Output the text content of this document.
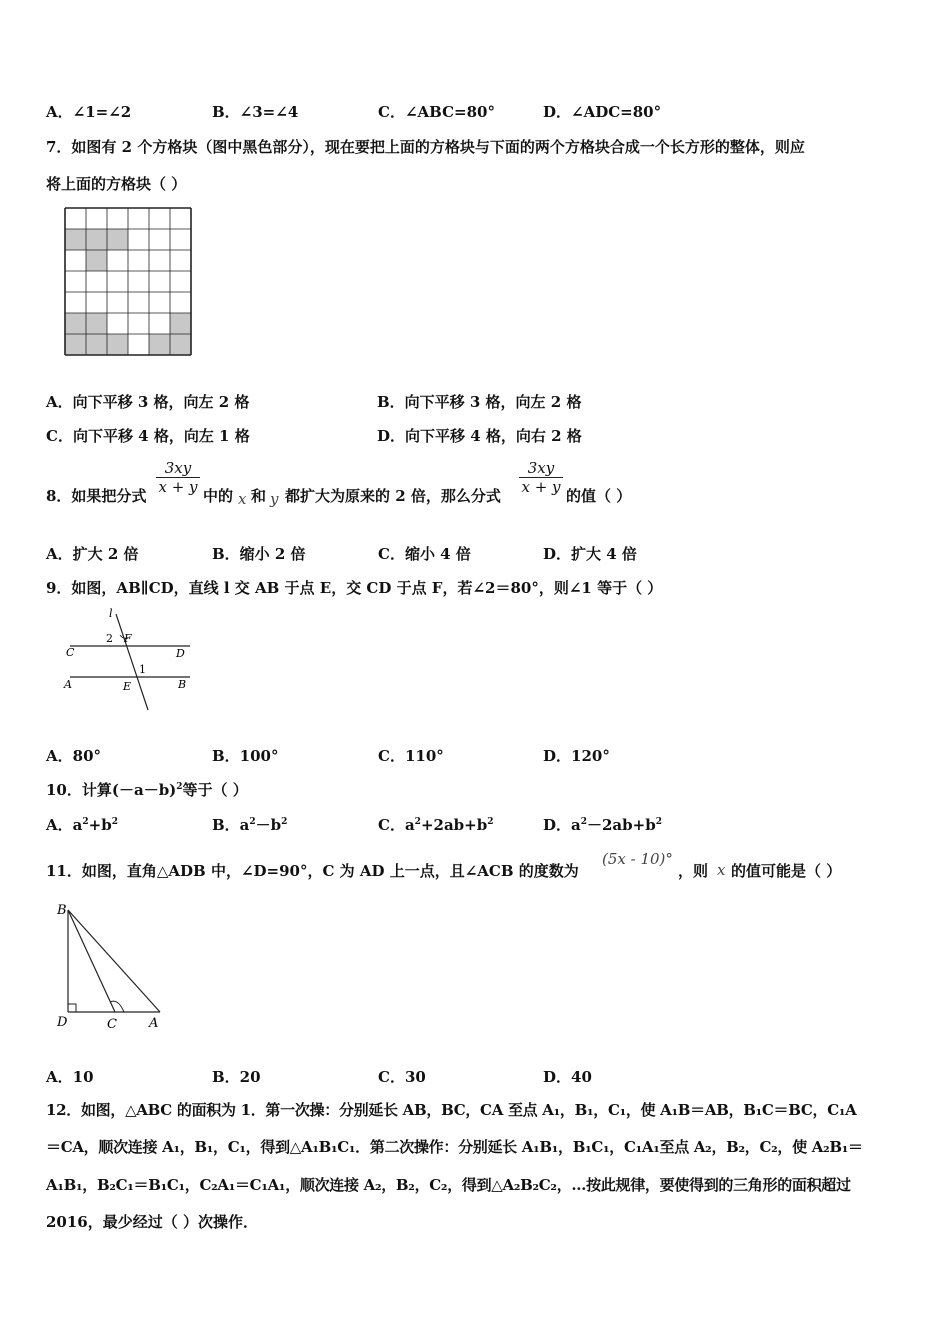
A．∠1=∠2	B．∠3=∠4	C．∠ABC=80°	D．∠ADC=80°
7．如图有 2 个方格块（图中黑色部分），现在要把上面的方格块与下面的两个方格块合成一个长方形的整体，则应
将上面的方格块（ ）
A．向下平移 3 格，向左 2 格	B．向下平移 3 格，向左 2 格
C．向下平移 4 格，向左 1 格	D．向下平移 4 格，向右 2 格
8．如果把分式
3xy
x + y 中的 x 和 y 都扩大为原来的 2 倍，那么分式
3xy
x + y 的值（ ）
A．扩大 2 倍	B．缩小 2 倍	C．缩小 4 倍	D．扩大 4 倍
9．如图，AB∥CD，直线 l 交 AB 于点 E，交 CD 于点 F，若∠2＝80°，则∠1 等于（ ）
l
2 F
C	D
1
A	E	B
A．80°	B．100°	C．110°	D．120°
10．计算$(-a-b)^2$等于（ ）
A．$a^2+b^2$	B．$a^2-b^2$	C．$a^2+2ab+b^2$	D．$a^2-2ab+b^2$
11．如图，直角△ADB 中，∠D=90°，C 为 AD 上一点，且∠ACB 的度数为
(5x - 10)°
，则 x 的值可能是（ ）
B
D	C A
A．10	B．20	C．30	D．40
12．如图，△ABC 的面积为 1．第一次操：分别延长 AB，BC，CA 至点 A₁，B₁，C₁，使 A₁B＝AB，B₁C＝BC，C₁A
＝CA，顺次连接 A₁，B₁，C₁，得到△A₁B₁C₁．第二次操作：分别延长 A₁B₁，B₁C₁，C₁A₁至点 A₂，B₂，C₂，使 A₂B₁＝
A₁B₁，B₂C₁＝B₁C₁，C₂A₁＝C₁A₁，顺次连接 A₂，B₂，C₂，得到△A₂B₂C₂，…按此规律，要使得到的三角形的面积超过
2016，最少经过（ ）次操作．
